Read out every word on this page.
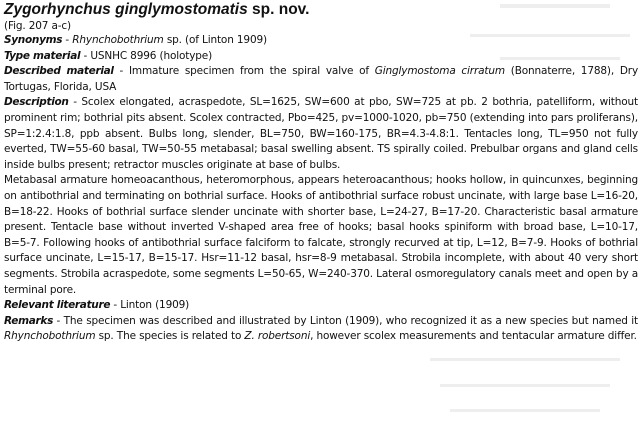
Zygorhynchus ginglymostomatis sp. nov.

(Fig. 207 a-c)

Synonyms - Rhynchobothrium sp. (of Linton 1909)

Type material - USNHC 8996 (holotype)

Described material - Immature specimen from the spiral valve of Ginglymostoma cirratum (Bonnaterre, 1788), Dry Tortugas, Florida, USA

Description - Scolex elongated, acraspedote, SL=1625, SW=600 at pbo, SW=725 at pb. 2 bothria, patelliform, without prominent rim; bothrial pits absent. Scolex contracted, Pbo=425, pv=1000-1020, pb=750 (extending into pars proliferans), SP=1:2.4:1.8, ppb absent. Bulbs long, slender, BL=750, BW=160-175, BR=4.3-4.8:1. Tentacles long, TL=950 not fully everted, TW=55-60 basal, TW=50-55 metabasal; basal swelling absent. TS spirally coiled. Prebulbar organs and gland cells inside bulbs present; retractor muscles originate at base of bulbs.

Metabasal armature homeoacanthous, heteromorphous, appears heteroacanthous; hooks hollow, in quincunxes, beginning on antibothrial and terminating on bothrial surface. Hooks of antibothrial surface robust uncinate, with large base L=16-20, B=18-22. Hooks of bothrial surface slender uncinate with shorter base, L=24-27, B=17-20. Characteristic basal armature present. Tentacle base without inverted V-shaped area free of hooks; basal hooks spiniform with broad base, L=10-17, B=5-7. Following hooks of antibothrial surface falciform to falcate, strongly recurved at tip, L=12, B=7-9. Hooks of bothrial surface uncinate, L=15-17, B=15-17. Hsr=11-12 basal, hsr=8-9 metabasal. Strobila incomplete, with about 40 very short segments. Strobila acraspedote, some segments L=50-65, W=240-370. Lateral osmoregulatory canals meet and open by a terminal pore.

Relevant literature - Linton (1909)

Remarks - The specimen was described and illustrated by Linton (1909), who recognized it as a new species but named it Rhynchobothrium sp. The species is related to Z. robertsoni, however scolex measurements and tentacular armature differ.
